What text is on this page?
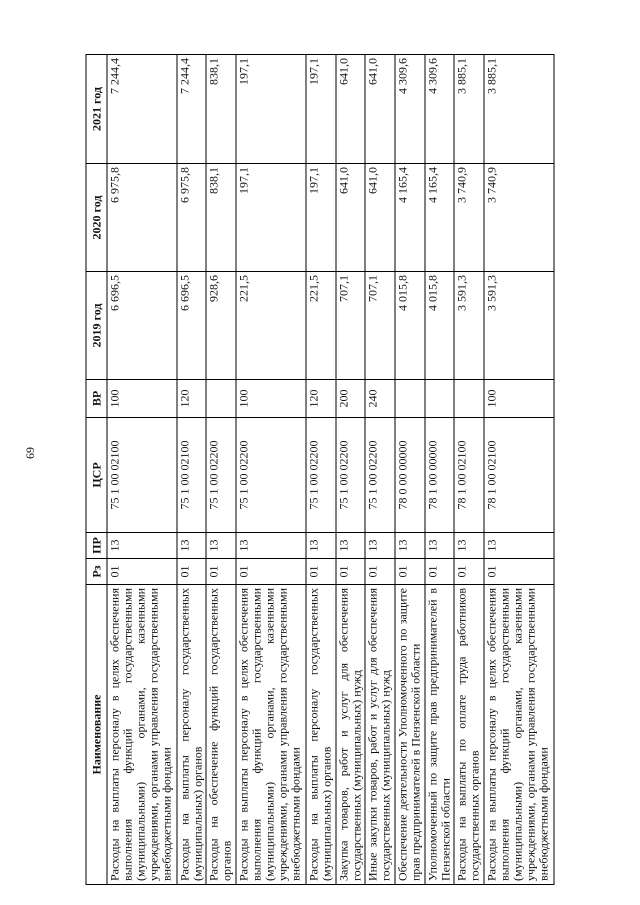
69
Наименование	Рз	ПР	ЦСР	ВР	2019 год	2020 год	2021 год
Расходы на выплаты персоналу в целях обеспечения выполнения функций государственными (муниципальными) органами, казенными учреждениями, органами управления государственными внебюджетными фондами	01	13	75 1 00 02100	100	6 696,5	6 975,8	7 244,4
Расходы на выплаты персоналу государственных (муниципальных) органов	01	13	75 1 00 02100	120	6 696,5	6 975,8	7 244,4
Расходы на обеспечение функций государственных органов	01	13	75 1 00 02200		928,6	838,1	838,1
Расходы на выплаты персоналу в целях обеспечения выполнения функций государственными (муниципальными) органами, казенными учреждениями, органами управления государственными внебюджетными фондами	01	13	75 1 00 02200	100	221,5	197,1	197,1
Расходы на выплаты персоналу государственных (муниципальных) органов	01	13	75 1 00 02200	120	221,5	197,1	197,1
Закупка товаров, работ и услуг для обеспечения государственных (муниципальных) нужд	01	13	75 1 00 02200	200	707,1	641,0	641,0
Иные закупки товаров, работ и услуг для обеспечения государственных (муниципальных) нужд	01	13	75 1 00 02200	240	707,1	641,0	641,0
Обеспечение деятельности Уполномоченного по защите прав предпринимателей в Пензенской области	01	13	78 0 00 00000		4 015,8	4 165,4	4 309,6
Уполномоченный по защите прав предпринимателей в Пензенской области	01	13	78 1 00 00000		4 015,8	4 165,4	4 309,6
Расходы на выплаты по оплате труда работников государственных органов	01	13	78 1 00 02100		3 591,3	3 740,9	3 885,1
Расходы на выплаты персоналу в целях обеспечения выполнения функций государственными (муниципальными) органами, казенными учреждениями, органами управления государственными внебюджетными фондами	01	13	78 1 00 02100	100	3 591,3	3 740,9	3 885,1
